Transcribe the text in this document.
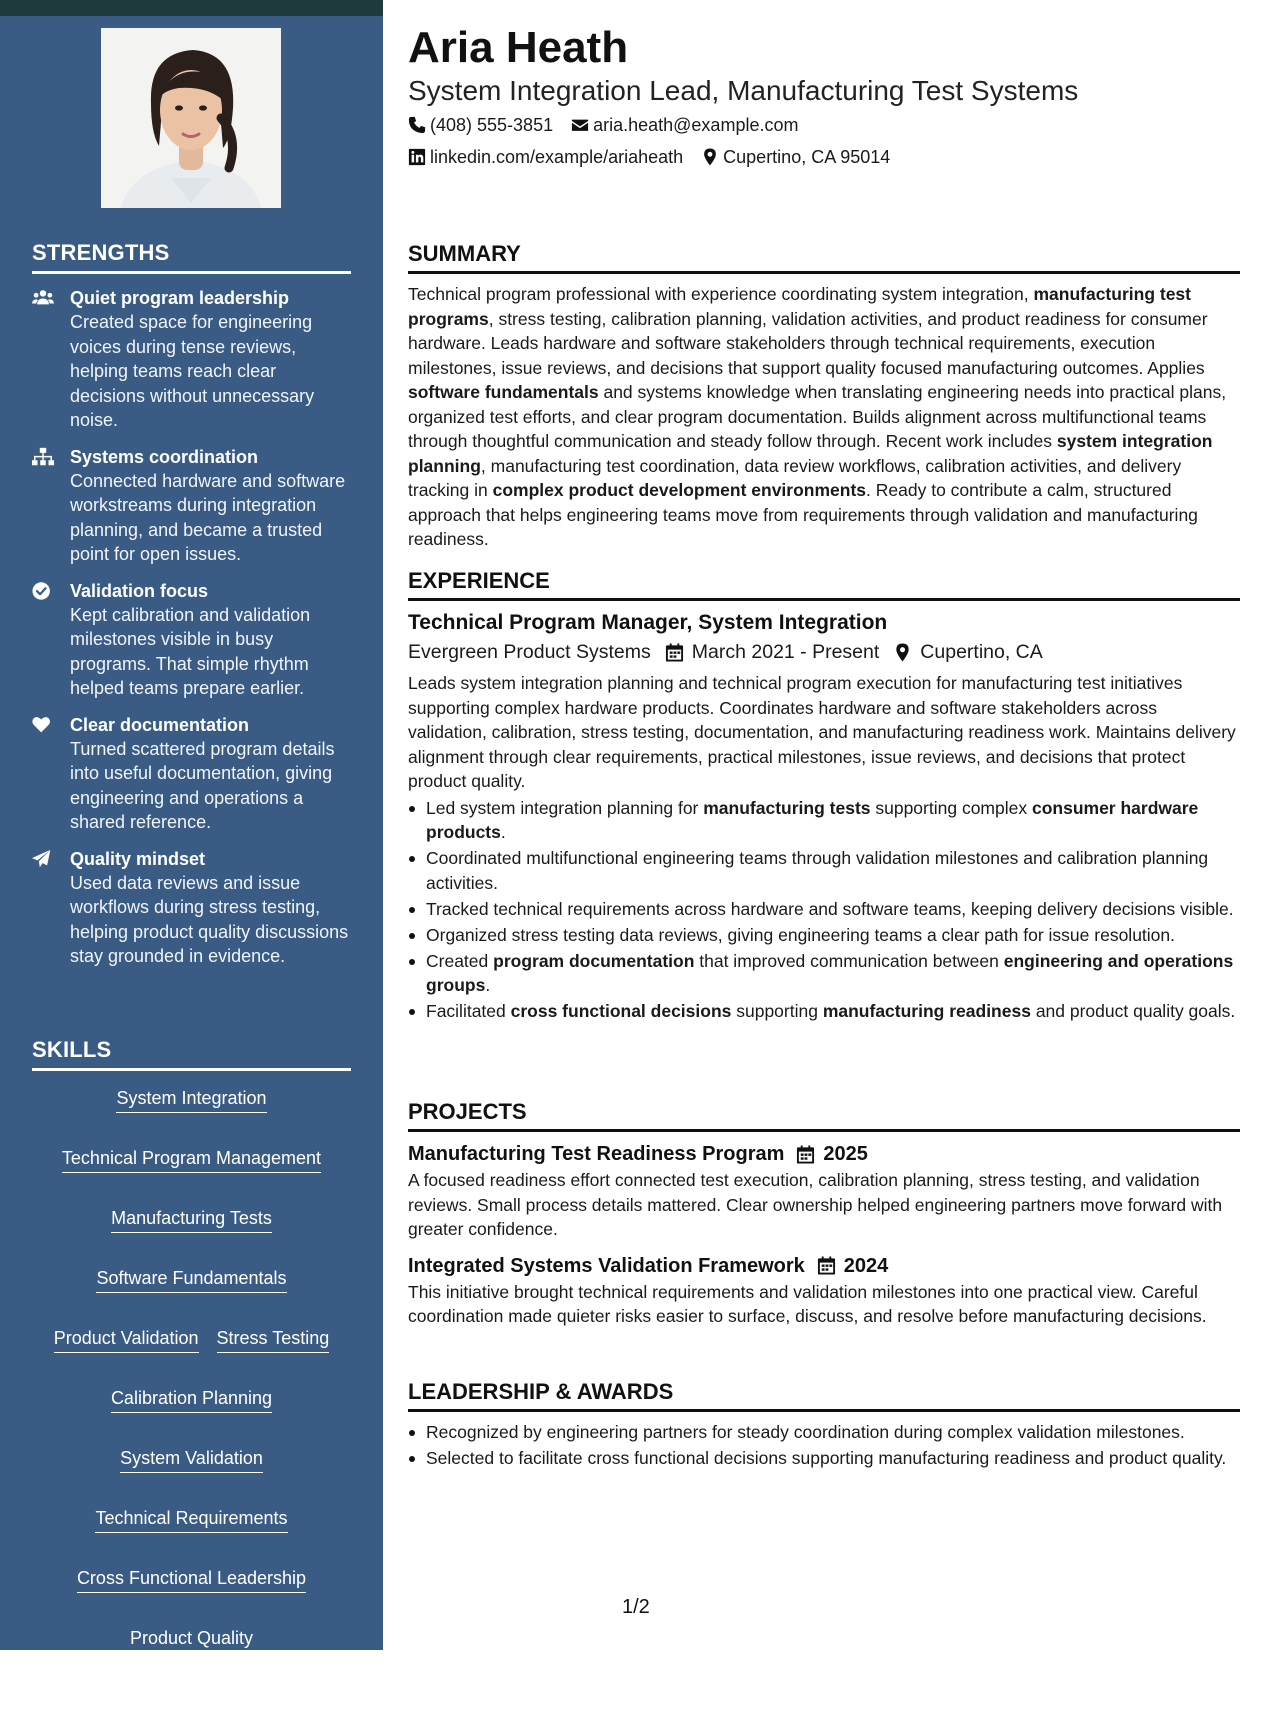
STRENGTHS
Quiet program leadership
Created space for engineering voices during tense reviews, helping teams reach clear decisions without unnecessary noise.
Systems coordination
Connected hardware and software workstreams during integration planning, and became a trusted point for open issues.
Validation focus
Kept calibration and validation milestones visible in busy programs. That simple rhythm helped teams prepare earlier.
Clear documentation
Turned scattered program details into useful documentation, giving engineering and operations a shared reference.
Quality mindset
Used data reviews and issue workflows during stress testing, helping product quality discussions stay grounded in evidence.
SKILLS
System Integration
Technical Program Management
Manufacturing Tests
Software Fundamentals
Product Validation Stress Testing
Calibration Planning
System Validation
Technical Requirements
Cross Functional Leadership
Product Quality
Manufacturing Readiness
Aria Heath
System Integration Lead, Manufacturing Test Systems
(408) 555-3851 aria.heath@example.com
linkedin.com/example/ariaheath Cupertino, CA 95014
SUMMARY
Technical program professional with experience coordinating system integration, manufacturing test programs, stress testing, calibration planning, validation activities, and product readiness for consumer hardware. Leads hardware and software stakeholders through technical requirements, execution milestones, issue reviews, and decisions that support quality focused manufacturing outcomes. Applies software fundamentals and systems knowledge when translating engineering needs into practical plans, organized test efforts, and clear program documentation. Builds alignment across multifunctional teams through thoughtful communication and steady follow through. Recent work includes system integration planning, manufacturing test coordination, data review workflows, calibration activities, and delivery tracking in complex product development environments. Ready to contribute a calm, structured approach that helps engineering teams move from requirements through validation and manufacturing readiness.
EXPERIENCE
Technical Program Manager, System Integration
Evergreen Product Systems March 2021 - Present Cupertino, CA
Leads system integration planning and technical program execution for manufacturing test initiatives supporting complex hardware products. Coordinates hardware and software stakeholders across validation, calibration, stress testing, documentation, and manufacturing readiness work. Maintains delivery alignment through clear requirements, practical milestones, issue reviews, and decisions that protect product quality.
Led system integration planning for manufacturing tests supporting complex consumer hardware products.
Coordinated multifunctional engineering teams through validation milestones and calibration planning activities.
Tracked technical requirements across hardware and software teams, keeping delivery decisions visible.
Organized stress testing data reviews, giving engineering teams a clear path for issue resolution.
Created program documentation that improved communication between engineering and operations groups.
Facilitated cross functional decisions supporting manufacturing readiness and product quality goals.
PROJECTS
Manufacturing Test Readiness Program 2025
A focused readiness effort connected test execution, calibration planning, stress testing, and validation reviews. Small process details mattered. Clear ownership helped engineering partners move forward with greater confidence.
Integrated Systems Validation Framework 2024
This initiative brought technical requirements and validation milestones into one practical view. Careful coordination made quieter risks easier to surface, discuss, and resolve before manufacturing decisions.
LEADERSHIP & AWARDS
Recognized by engineering partners for steady coordination during complex validation milestones.
Selected to facilitate cross functional decisions supporting manufacturing readiness and product quality.
1/2
